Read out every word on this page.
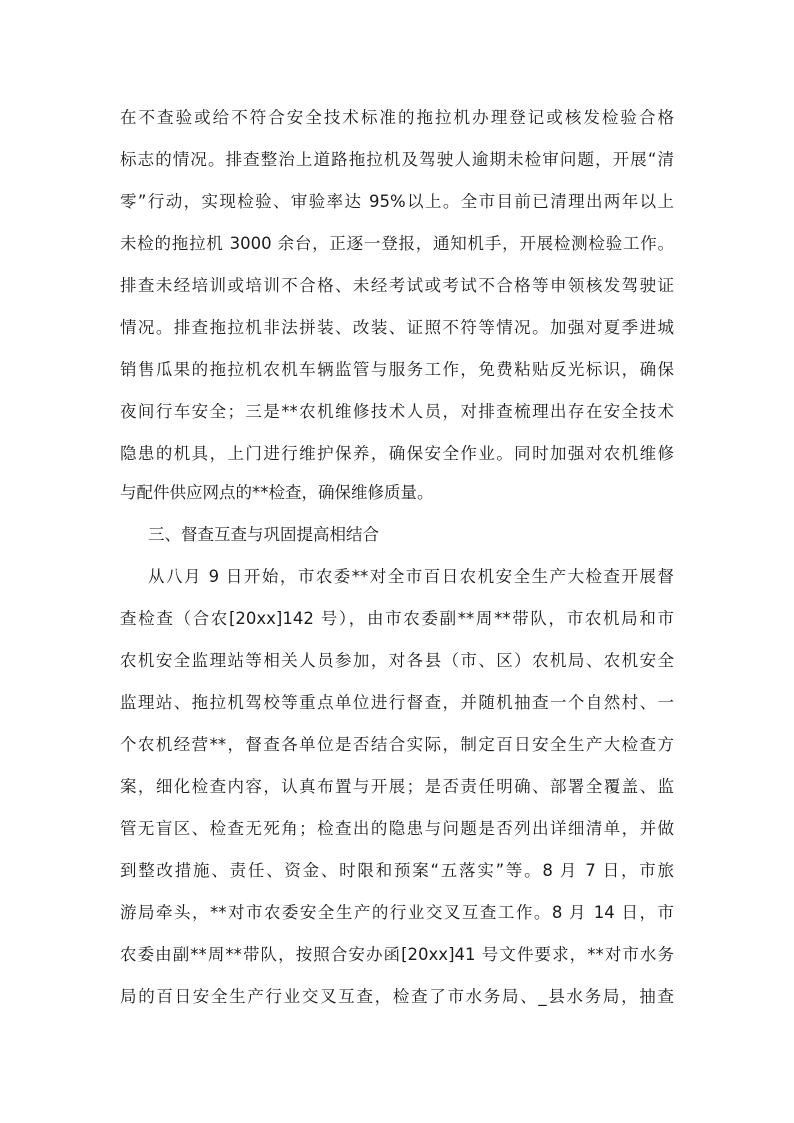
在不查验或给不符合安全技术标准的拖拉机办理登记或核发检验合格
标志的情况。排查整治上道路拖拉机及驾驶人逾期未检审问题，开展“清
零”行动，实现检验、审验率达 95%以上。全市目前已清理出两年以上
未检的拖拉机 3000 余台，正逐一登报，通知机手，开展检测检验工作。
排查未经培训或培训不合格、未经考试或考试不合格等申领核发驾驶证
情况。排查拖拉机非法拼装、改装、证照不符等情况。加强对夏季进城
销售瓜果的拖拉机农机车辆监管与服务工作，免费粘贴反光标识，确保
夜间行车安全；三是**农机维修技术人员，对排查梳理出存在安全技术
隐患的机具，上门进行维护保养，确保安全作业。同时加强对农机维修
与配件供应网点的**检查，确保维修质量。
三、督查互查与巩固提高相结合
从八月 9 日开始，市农委**对全市百日农机安全生产大检查开展督
查检查（合农[20xx]142 号），由市农委副**周**带队，市农机局和市
农机安全监理站等相关人员参加，对各县（市、区）农机局、农机安全
监理站、拖拉机驾校等重点单位进行督查，并随机抽查一个自然村、一
个农机经营**，督查各单位是否结合实际，制定百日安全生产大检查方
案，细化检查内容，认真布置与开展；是否责任明确、部署全覆盖、监
管无盲区、检查无死角；检查出的隐患与问题是否列出详细清单，并做
到整改措施、责任、资金、时限和预案“五落实”等。8 月 7 日，市旅
游局牵头，**对市农委安全生产的行业交叉互查工作。8 月 14 日，市
农委由副**周**带队，按照合安办函[20xx]41 号文件要求，**对市水务
局的百日安全生产行业交叉互查，检查了市水务局、_县水务局，抽查
